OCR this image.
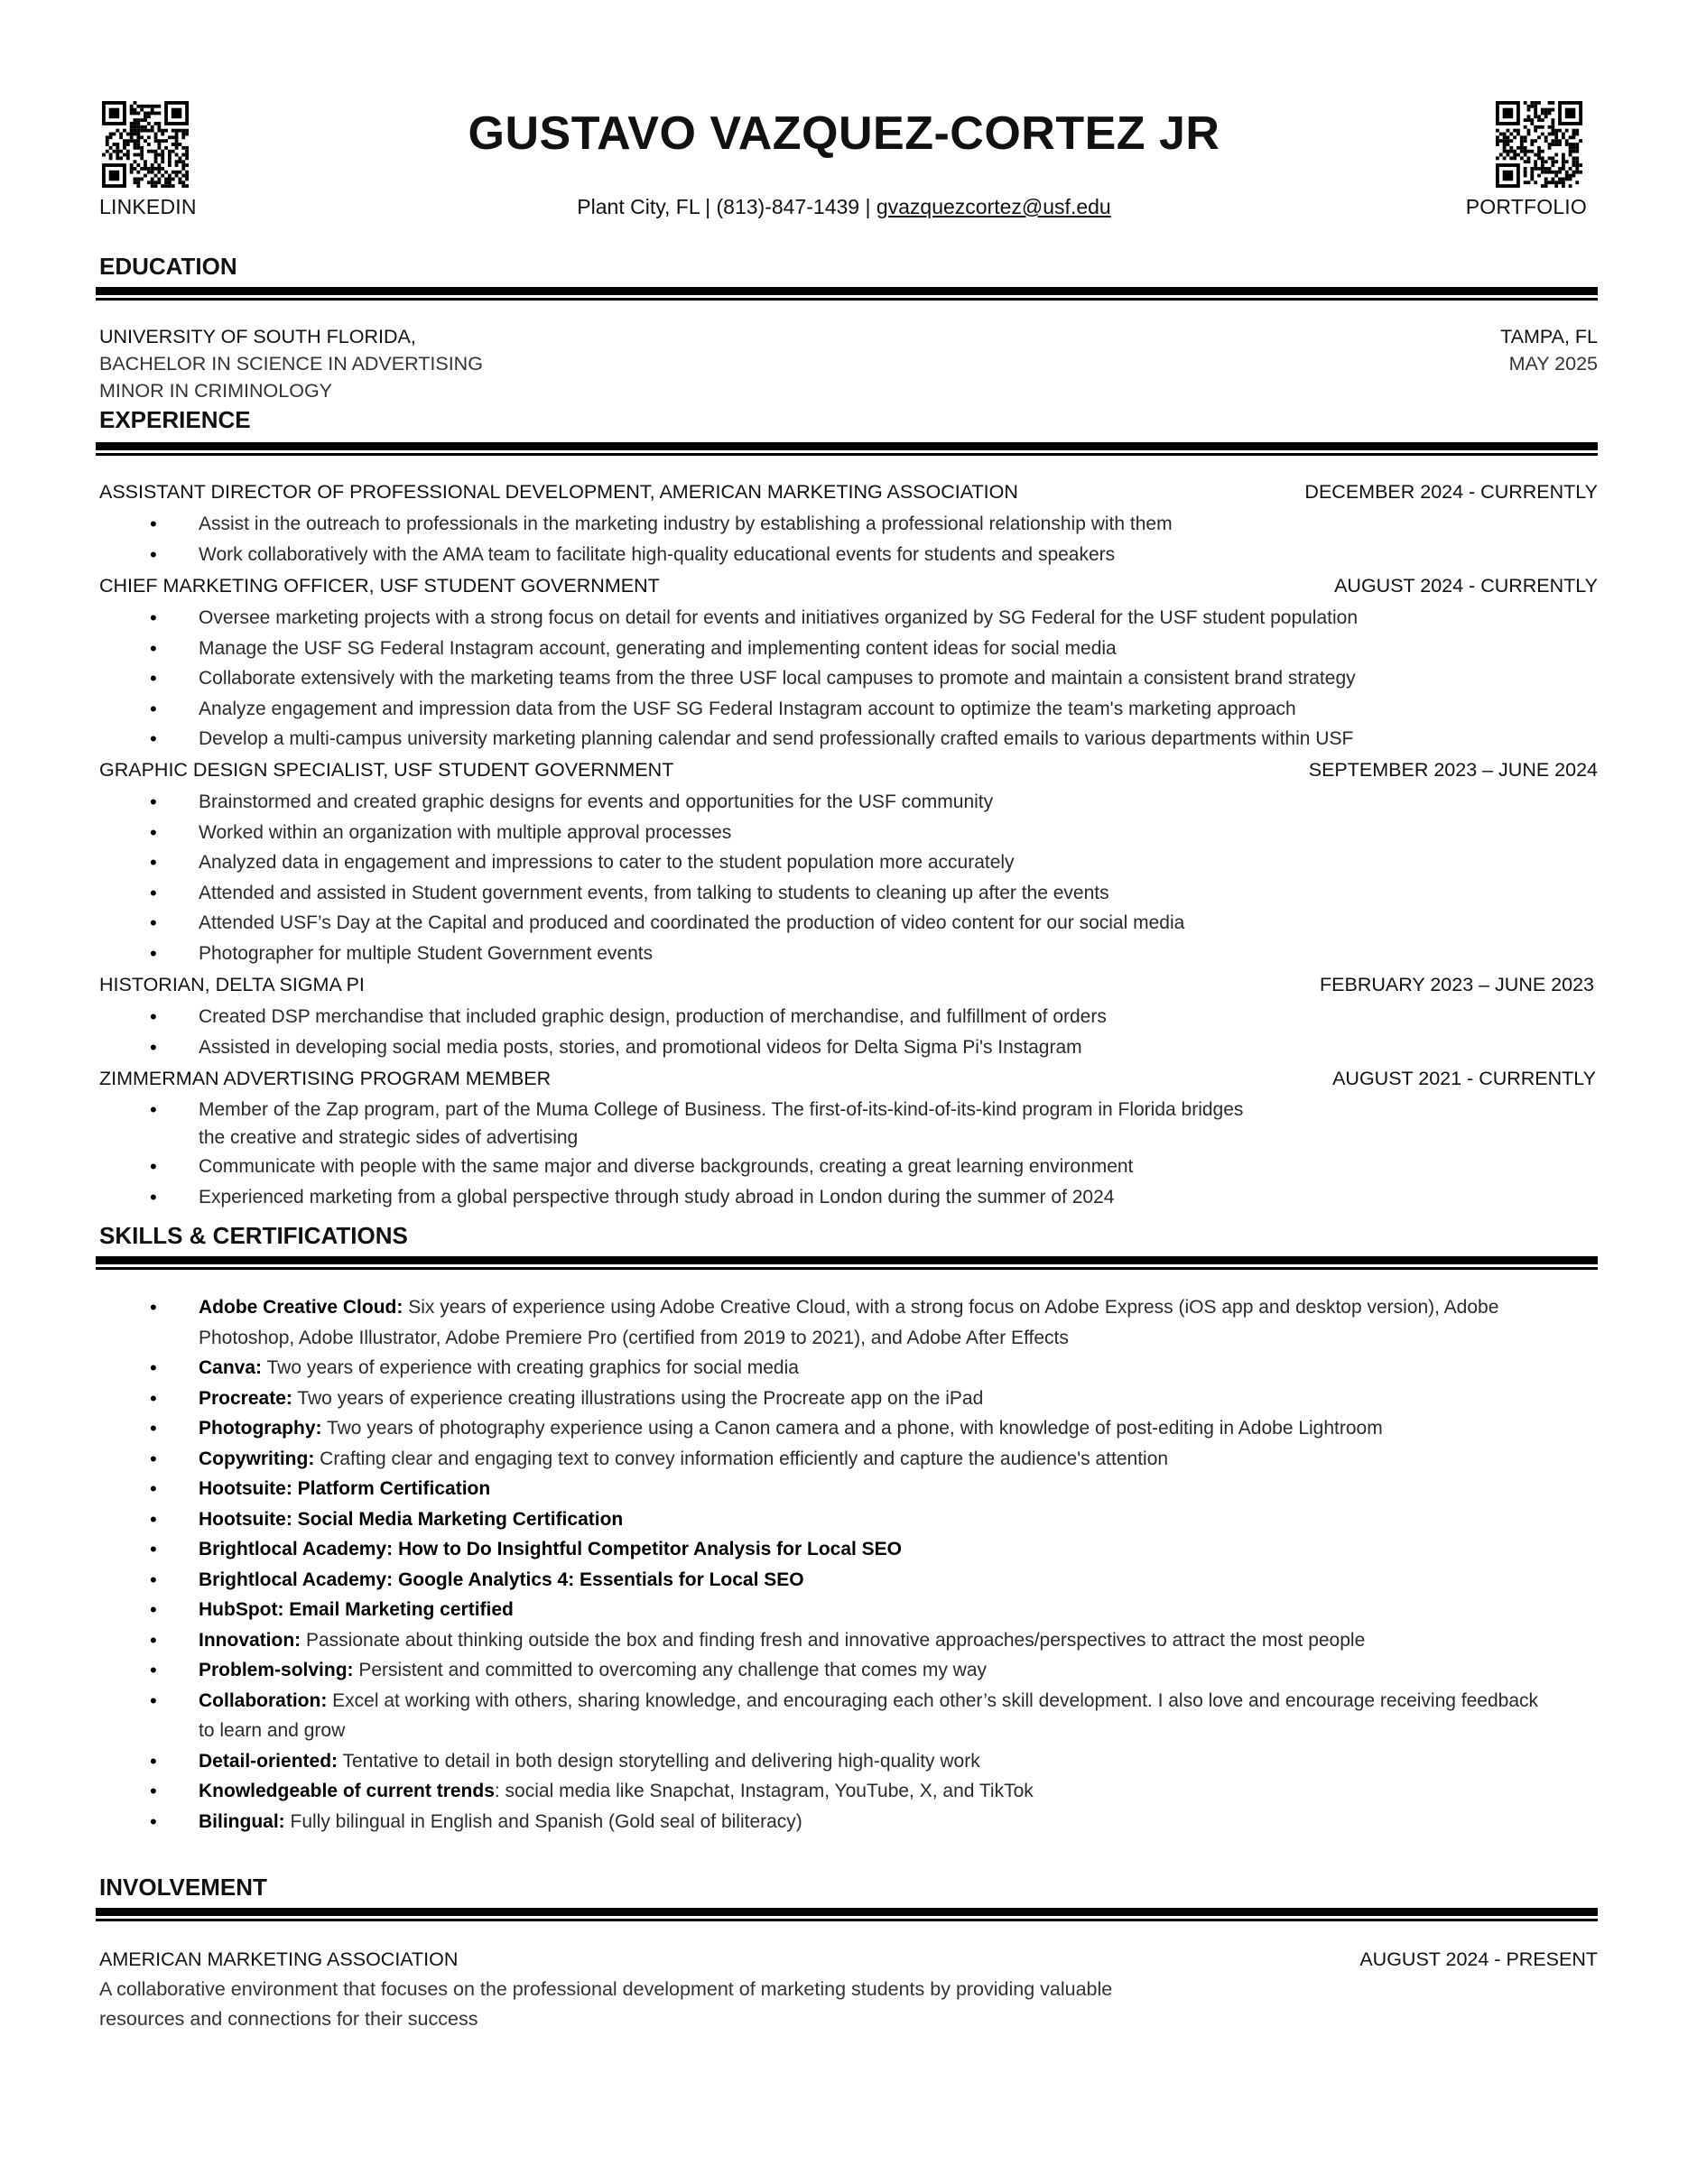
LINKEDIN	PORTFOLIO
GUSTAVO VAZQUEZ-CORTEZ JR
Plant City, FL | (813)-847-1439 | gvazquezcortez@usf.edu
EDUCATION
UNIVERSITY OF SOUTH FLORIDA,	TAMPA, FL
BACHELOR IN SCIENCE IN ADVERTISING	MAY 2025
MINOR IN CRIMINOLOGY
EXPERIENCE
ASSISTANT DIRECTOR OF PROFESSIONAL DEVELOPMENT, AMERICAN MARKETING ASSOCIATION	DECEMBER 2024 - CURRENTLY
• Assist in the outreach to professionals in the marketing industry by establishing a professional relationship with them
• Work collaboratively with the AMA team to facilitate high-quality educational events for students and speakers
CHIEF MARKETING OFFICER, USF STUDENT GOVERNMENT	AUGUST 2024 - CURRENTLY
• Oversee marketing projects with a strong focus on detail for events and initiatives organized by SG Federal for the USF student population
• Manage the USF SG Federal Instagram account, generating and implementing content ideas for social media
• Collaborate extensively with the marketing teams from the three USF local campuses to promote and maintain a consistent brand strategy
• Analyze engagement and impression data from the USF SG Federal Instagram account to optimize the team's marketing approach
• Develop a multi-campus university marketing planning calendar and send professionally crafted emails to various departments within USF
GRAPHIC DESIGN SPECIALIST, USF STUDENT GOVERNMENT	SEPTEMBER 2023 – JUNE 2024
• Brainstormed and created graphic designs for events and opportunities for the USF community
• Worked within an organization with multiple approval processes
• Analyzed data in engagement and impressions to cater to the student population more accurately
• Attended and assisted in Student government events, from talking to students to cleaning up after the events
• Attended USF’s Day at the Capital and produced and coordinated the production of video content for our social media
• Photographer for multiple Student Government events
HISTORIAN, DELTA SIGMA PI	FEBRUARY 2023 – JUNE 2023
• Created DSP merchandise that included graphic design, production of merchandise, and fulfillment of orders
• Assisted in developing social media posts, stories, and promotional videos for Delta Sigma Pi's Instagram
ZIMMERMAN ADVERTISING PROGRAM MEMBER	AUGUST 2021 - CURRENTLY
• Member of the Zap program, part of the Muma College of Business. The first-of-its-kind-of-its-kind program in Florida bridges the creative and strategic sides of advertising
• Communicate with people with the same major and diverse backgrounds, creating a great learning environment
• Experienced marketing from a global perspective through study abroad in London during the summer of 2024
SKILLS & CERTIFICATIONS
• Adobe Creative Cloud: Six years of experience using Adobe Creative Cloud, with a strong focus on Adobe Express (iOS app and desktop version), Adobe Photoshop, Adobe Illustrator, Adobe Premiere Pro (certified from 2019 to 2021), and Adobe After Effects
• Canva: Two years of experience with creating graphics for social media
• Procreate: Two years of experience creating illustrations using the Procreate app on the iPad
• Photography: Two years of photography experience using a Canon camera and a phone, with knowledge of post-editing in Adobe Lightroom
• Copywriting: Crafting clear and engaging text to convey information efficiently and capture the audience's attention
• Hootsuite: Platform Certification
• Hootsuite: Social Media Marketing Certification
• Brightlocal Academy: How to Do Insightful Competitor Analysis for Local SEO
• Brightlocal Academy: Google Analytics 4: Essentials for Local SEO
• HubSpot: Email Marketing certified
• Innovation: Passionate about thinking outside the box and finding fresh and innovative approaches/perspectives to attract the most people
• Problem-solving: Persistent and committed to overcoming any challenge that comes my way
• Collaboration: Excel at working with others, sharing knowledge, and encouraging each other’s skill development. I also love and encourage receiving feedback to learn and grow
• Detail-oriented: Tentative to detail in both design storytelling and delivering high-quality work
• Knowledgeable of current trends: social media like Snapchat, Instagram, YouTube, X, and TikTok
• Bilingual: Fully bilingual in English and Spanish (Gold seal of biliteracy)
INVOLVEMENT
AMERICAN MARKETING ASSOCIATION	AUGUST 2024 - PRESENT
A collaborative environment that focuses on the professional development of marketing students by providing valuable resources and connections for their success
